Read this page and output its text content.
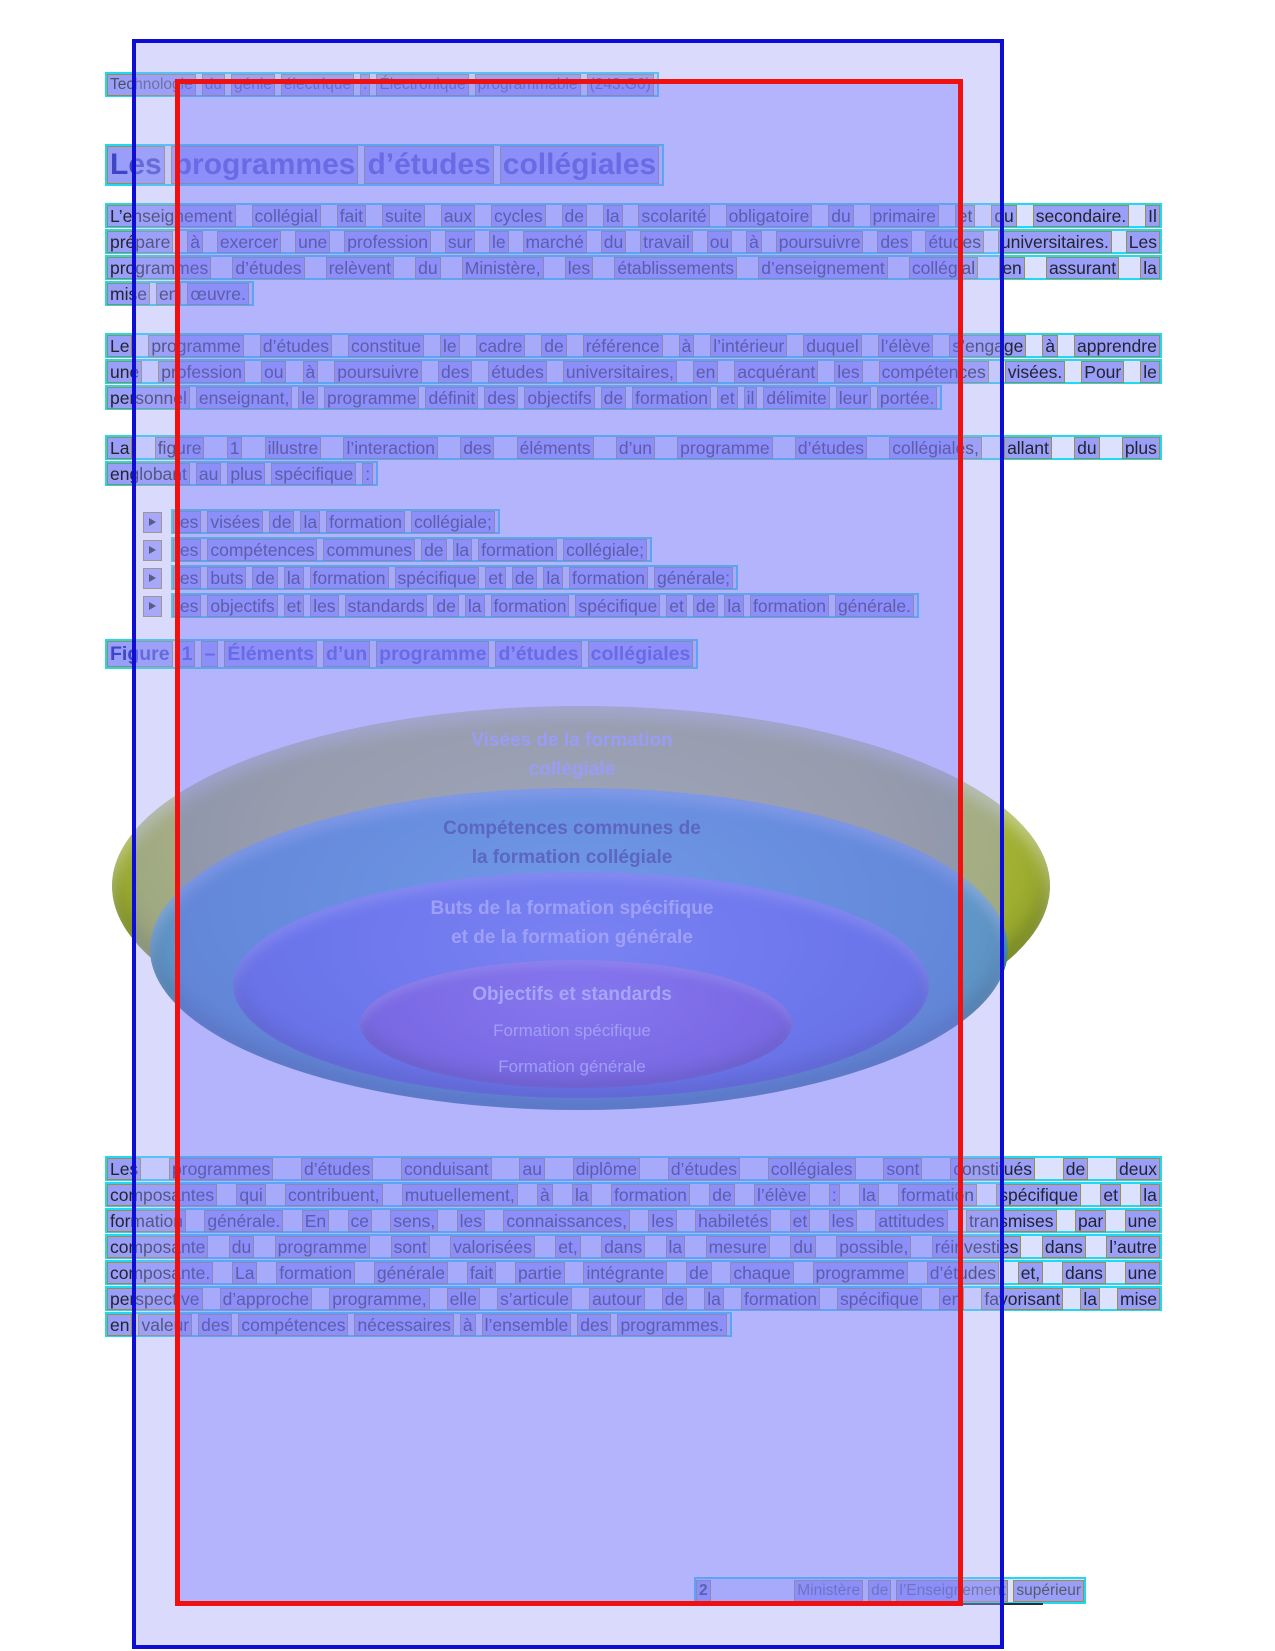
Technologie du génie électrique : Électronique programmable (243.G0)
Les programmes d’études collégiales
L’enseignement collégial fait suite aux cycles de la scolarité obligatoire du primaire et du secondaire. Il
prépare à exercer une profession sur le marché du travail ou à poursuivre des études universitaires. Les
programmes d’études relèvent du Ministère, les établissements d’enseignement collégial en assurant la
mise en œuvre.
Le programme d’études constitue le cadre de référence à l’intérieur duquel l’élève s’engage à apprendre
une profession ou à poursuivre des études universitaires, en acquérant les compétences visées. Pour le
personnel enseignant, le programme définit des objectifs de formation et il délimite leur portée.
La figure 1 illustre l’interaction des éléments d’un programme d’études collégiales, allant du plus
englobant au plus spécifique :
les visées de la formation collégiale;
les compétences communes de la formation collégiale;
les buts de la formation spécifique et de la formation générale;
les objectifs et les standards de la formation spécifique et de la formation générale.
Figure 1 – Éléments d’un programme d’études collégiales
Visées de la formation
collégiale
Compétences communes de
la formation collégiale
Buts de la formation spécifique
et de la formation générale
Objectifs et standards
Formation spécifique
Formation générale
Les programmes d’études conduisant au diplôme d’études collégiales sont constitués de deux
composantes qui contribuent, mutuellement, à la formation de l’élève : la formation spécifique et la
formation générale. En ce sens, les connaissances, les habiletés et les attitudes transmises par une
composante du programme sont valorisées et, dans la mesure du possible, réinvesties dans l’autre
composante. La formation générale fait partie intégrante de chaque programme d’études et, dans une
perspective d’approche programme, elle s’articule autour de la formation spécifique en favorisant la mise
en valeur des compétences nécessaires à l’ensemble des programmes.
2	Ministère de l’Enseignement supérieur
